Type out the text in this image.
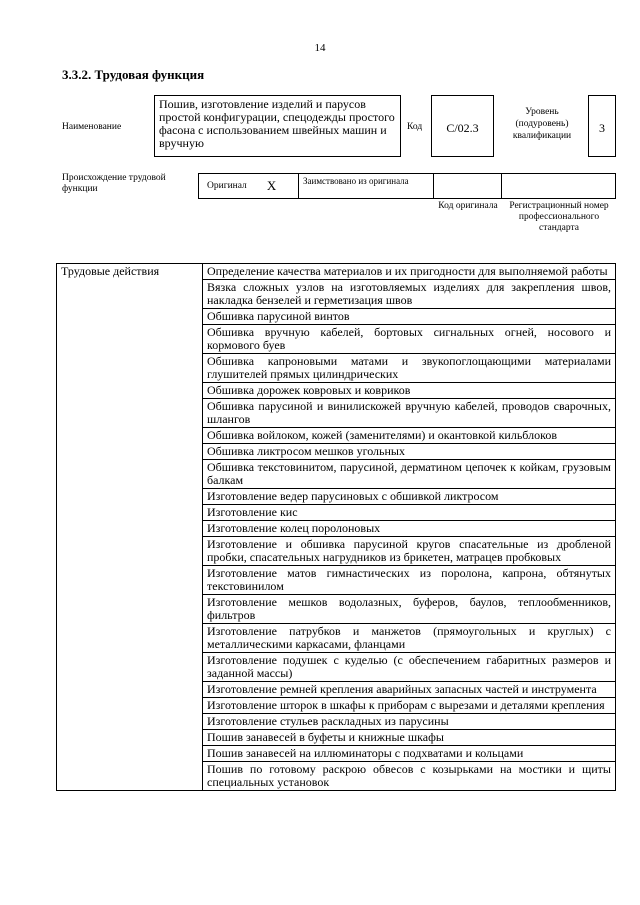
14
3.3.2. Трудовая функция
Наименование
Пошив, изготовление изделий и парусов простой конфигурации, спецодежды простого фасона с использованием швейных машин и вручную
Код	С/02.3
Уровень (подуровень) квалификации
3
Происхождение трудовой функции	Оригинал X	Заимствовано из оригинала
Код оригинала	Регистрационный номер профессионального стандарта
Трудовые действия	Определение качества материалов и их пригодности для выполняемой работы
Вязка сложных узлов на изготовляемых изделиях для закрепления швов, накладка бензелей и герметизация швов
Обшивка парусиной винтов
Обшивка вручную кабелей, бортовых сигнальных огней, носового и кормового буев
Обшивка капроновыми матами и звукопоглощающими материалами глушителей прямых цилиндрических
Обшивка дорожек ковровых и ковриков
Обшивка парусиной и винилискожей вручную кабелей, проводов сварочных, шлангов
Обшивка войлоком, кожей (заменителями) и окантовкой кильблоков
Обшивка ликтросом мешков угольных
Обшивка текстовинитом, парусиной, дерматином цепочек к койкам, грузовым балкам
Изготовление ведер парусиновых с обшивкой ликтросом
Изготовление кис
Изготовление колец поролоновых
Изготовление и обшивка парусиной кругов спасательные из дробленой пробки, спасательных нагрудников из брикетен, матрацев пробковых
Изготовление матов гимнастических из поролона, капрона, обтянутых текстовинилом
Изготовление мешков водолазных, буферов, баулов, теплообменников, фильтров
Изготовление патрубков и манжетов (прямоугольных и круглых) с металлическими каркасами, фланцами
Изготовление подушек с куделью (с обеспечением габаритных размеров и заданной массы)
Изготовление ремней крепления аварийных запасных частей и инструмента
Изготовление шторок в шкафы к приборам с вырезами и деталями крепления
Изготовление стульев раскладных из парусины
Пошив занавесей в буфеты и книжные шкафы
Пошив занавесей на иллюминаторы с подхватами и кольцами
Пошив по готовому раскрою обвесов с козырьками на мостики и щиты специальных установок
